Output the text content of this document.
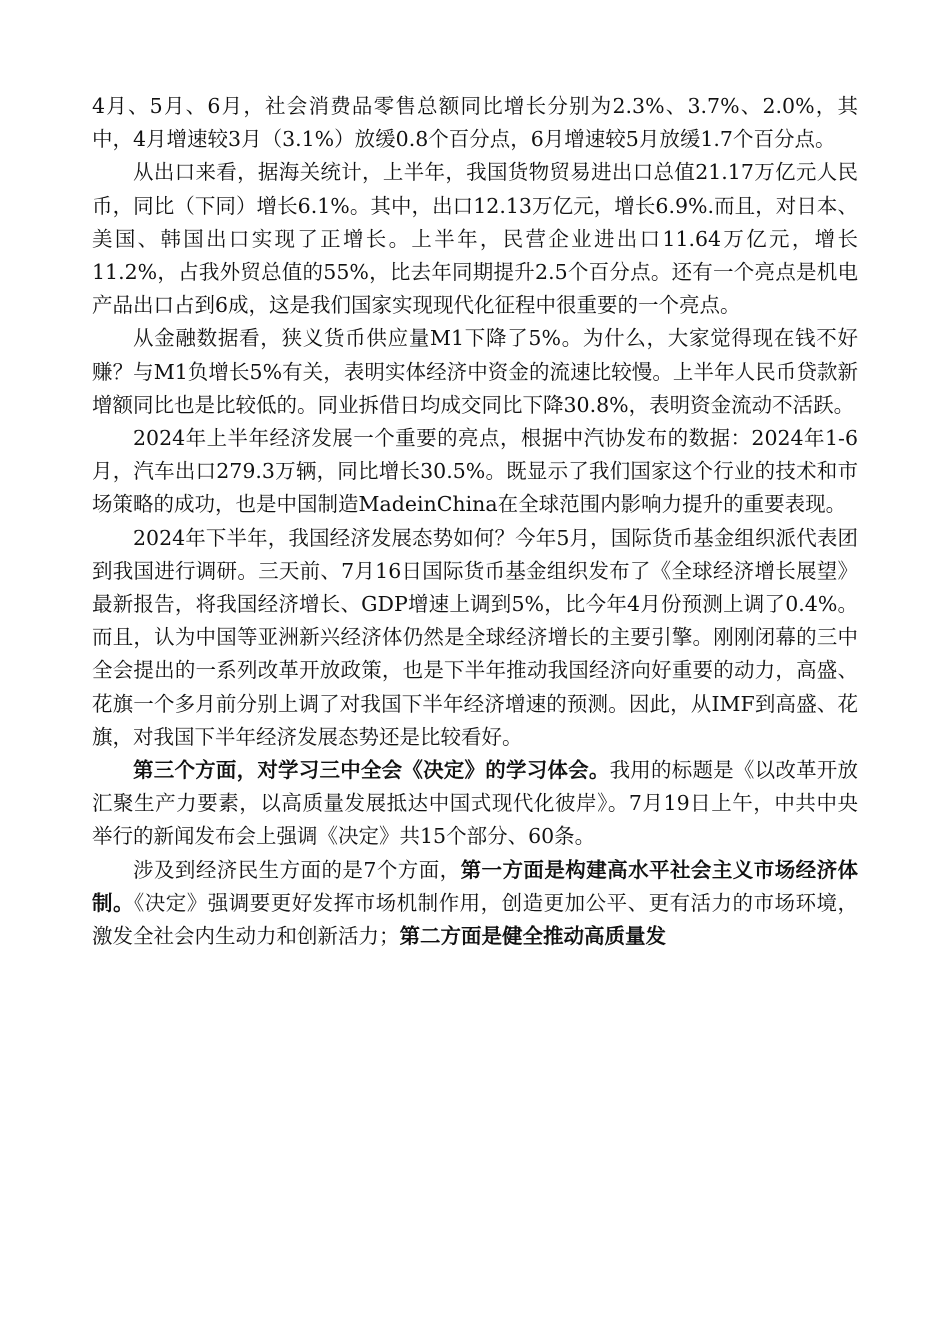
4月、5月、6月，社会消费品零售总额同比增长分别为2.3%、3.7%、2.0%，其中，4月增速较3月（3.1%）放缓0.8个百分点，6月增速较5月放缓1.7个百分点。

从出口来看，据海关统计，上半年，我国货物贸易进出口总值21.17万亿元人民币，同比（下同）增长6.1%。其中，出口12.13万亿元，增长6.9%.而且，对日本、美国、韩国出口实现了正增长。上半年，民营企业进出口11.64万亿元，增长11.2%，占我外贸总值的55%，比去年同期提升2.5个百分点。还有一个亮点是机电产品出口占到6成，这是我们国家实现现代化征程中很重要的一个亮点。

从金融数据看，狭义货币供应量M1下降了5%。为什么，大家觉得现在钱不好赚？与M1负增长5%有关，表明实体经济中资金的流速比较慢。上半年人民币贷款新增额同比也是比较低的。同业拆借日均成交同比下降30.8%，表明资金流动不活跃。

2024年上半年经济发展一个重要的亮点，根据中汽协发布的数据：2024年1-6月，汽车出口279.3万辆，同比增长30.5%。既显示了我们国家这个行业的技术和市场策略的成功，也是中国制造MadeinChina在全球范围内影响力提升的重要表现。

2024年下半年，我国经济发展态势如何？今年5月，国际货币基金组织派代表团到我国进行调研。三天前、7月16日国际货币基金组织发布了《全球经济增长展望》最新报告，将我国经济增长、GDP增速上调到5%，比今年4月份预测上调了0.4%。而且，认为中国等亚洲新兴经济体仍然是全球经济增长的主要引擎。刚刚闭幕的三中全会提出的一系列改革开放政策，也是下半年推动我国经济向好重要的动力，高盛、花旗一个多月前分别上调了对我国下半年经济增速的预测。因此，从IMF到高盛、花旗，对我国下半年经济发展态势还是比较看好。

第三个方面，对学习三中全会《决定》的学习体会。我用的标题是《以改革开放汇聚生产力要素，以高质量发展抵达中国式现代化彼岸》。7月19日上午，中共中央举行的新闻发布会上强调《决定》共15个部分、60条。

涉及到经济民生方面的是7个方面，第一方面是构建高水平社会主义市场经济体制。《决定》强调要更好发挥市场机制作用，创造更加公平、更有活力的市场环境，激发全社会内生动力和创新活力；第二方面是健全推动高质量发
